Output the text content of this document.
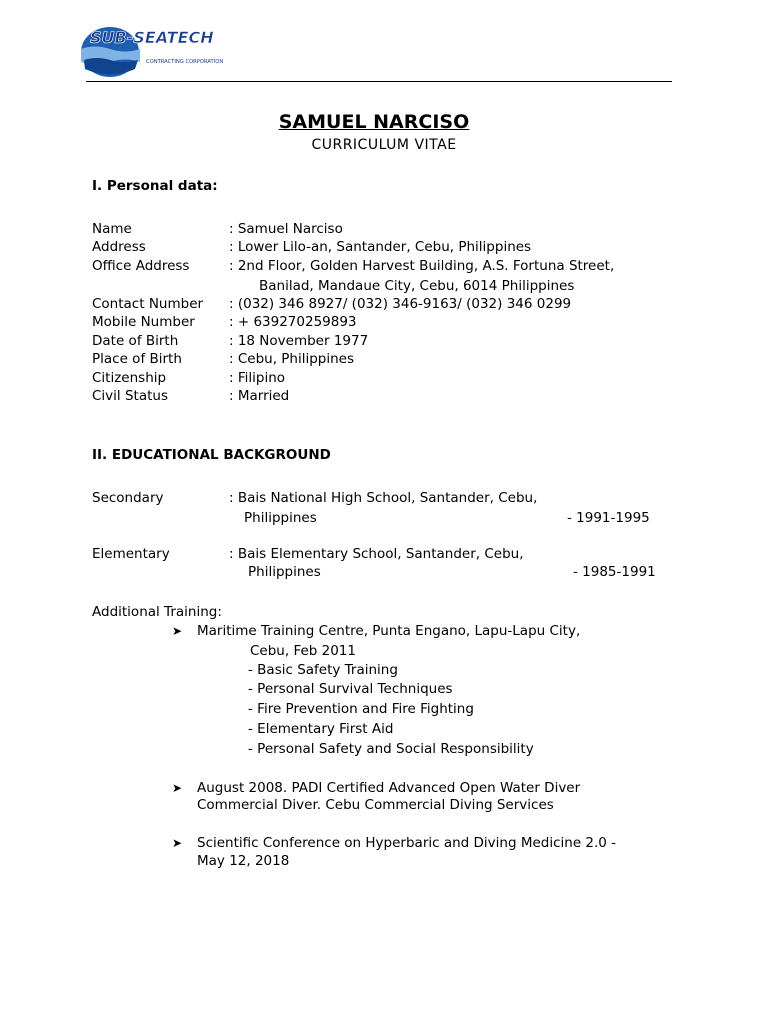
SUB-SEATECH
CONTRACTING CORPORATION
SAMUEL NARCISO
CURRICULUM VITAE
I. Personal data:
Name	: Samuel Narciso
Address	: Lower Lilo-an, Santander, Cebu, Philippines
Office Address	: 2nd Floor, Golden Harvest Building, A.S. Fortuna Street,
Banilad, Mandaue City, Cebu, 6014 Philippines
Contact Number : (032) 346 8927/ (032) 346-9163/ (032) 346 0299
Mobile Number	: + 639270259893
Date of Birth	: 18 November 1977
Place of Birth	: Cebu, Philippines
Citizenship	: Filipino
Civil Status	: Married
II. EDUCATIONAL BACKGROUND
Secondary	: Bais National High School, Santander, Cebu,
Philippines	- 1991-1995
Elementary	: Bais Elementary School, Santander, Cebu,
Philippines	- 1985-1991
Additional Training:
➤ Maritime Training Centre, Punta Engano, Lapu-Lapu City,
Cebu, Feb 2011
- Basic Safety Training
- Personal Survival Techniques
- Fire Prevention and Fire Fighting
- Elementary First Aid
- Personal Safety and Social Responsibility
➤ August 2008. PADI Certified Advanced Open Water Diver
Commercial Diver. Cebu Commercial Diving Services
➤ Scientific Conference on Hyperbaric and Diving Medicine 2.0 -
May 12, 2018
